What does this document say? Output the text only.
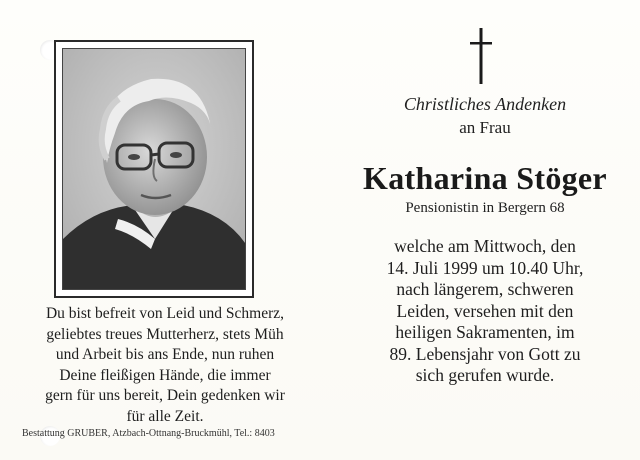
Du bist befreit von Leid und Schmerz,
geliebtes treues Mutterherz, stets Müh
und Arbeit bis ans Ende, nun ruhen
Deine fleißigen Hände, die immer
gern für uns bereit, Dein gedenken wir
für alle Zeit.
Bestattung GRUBER, Atzbach-Ottnang-Bruckmühl, Tel.: 8403
Christliches Andenken
an Frau
Katharina Stöger
Pensionistin in Bergern 68
welche am Mittwoch, den
14. Juli 1999 um 10.40 Uhr,
nach längerem, schweren
Leiden, versehen mit den
heiligen Sakramenten, im
89. Lebensjahr von Gott zu
sich gerufen wurde.
